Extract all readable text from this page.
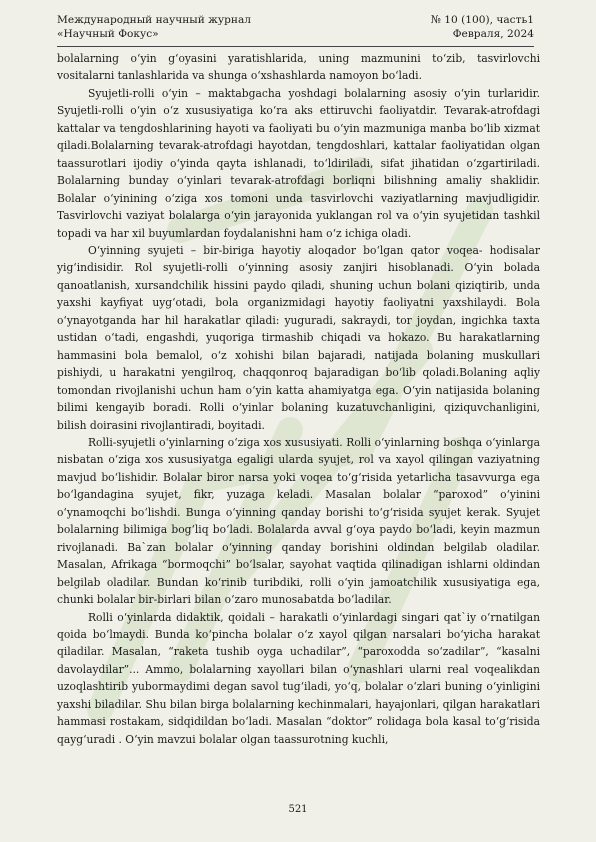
Международный научный журнал	№ 10 (100), часть1
«Научный Фокус»	Февраля, 2024

bolalarning o‘yin g‘oyasini yaratishlarida, uning mazmunini to‘zib, tasvirlovchi vositalarni tanlashlarida va shunga o‘xshashlarda namoyon bo‘ladi.

Syujetli-rolli o‘yin – maktabgacha yoshdagi bolalarning asosiy o‘yin turlaridir. Syujetli-rolli o‘yin o‘z xususiyatiga ko‘ra aks ettiruvchi faoliyatdir. Tevarak-atrofdagi kattalar va tengdoshlarining hayoti va faoliyati bu o‘yin mazmuniga manba bo‘lib xizmat qiladi.Bolalarning tevarak-atrofdagi hayotdan, tengdoshlari, kattalar faoliyatidan olgan taassurotlari ijodiy o‘yinda qayta ishlanadi, to‘ldiriladi, sifat jihatidan o‘zgartiriladi. Bolalarning bunday o‘yinlari tevarak-atrofdagi borliqni bilishning amaliy shaklidir. Bolalar o‘yinining o‘ziga xos tomoni unda tasvirlovchi vaziyatlarning mavjudligidir. Tasvirlovchi vaziyat bolalarga o‘yin jarayonida yuklangan rol va o‘yin syujetidan tashkil topadi va har xil buyumlardan foydalanishni ham o‘z ichiga oladi.

O‘yinning syujeti – bir-biriga hayotiy aloqador bo‘lgan qator voqea- hodisalar yig‘indisidir. Rol syujetli-rolli o‘yinning asosiy zanjiri hisoblanadi. O‘yin bolada qanoatlanish, xursandchilik hissini paydo qiladi, shuning uchun bolani qiziqtirib, unda yaxshi kayfiyat uyg‘otadi, bola organizmidagi hayotiy faoliyatni yaxshilaydi. Bola o‘ynayotganda har hil harakatlar qiladi: yuguradi, sakraydi, tor joydan, ingichka taxta ustidan o‘tadi, engashdi, yuqoriga tirmashib chiqadi va hokazo. Bu harakatlarning hammasini bola bemalol, o‘z xohishi bilan bajaradi, natijada bolaning muskullari pishiydi, u harakatni yengilroq, chaqqonroq bajaradigan bo‘lib qoladi.Bolaning aqliy tomondan rivojlanishi uchun ham o‘yin katta ahamiyatga ega. O‘yin natijasida bolaning bilimi kengayib boradi. Rolli o‘yinlar bolaning kuzatuvchanligini, qiziquvchanligini, bilish doirasini rivojlantiradi, boyitadi.

Rolli-syujetli o‘yinlarning o‘ziga xos xususiyati. Rolli o‘yinlarning boshqa o‘yinlarga nisbatan o‘ziga xos xususiyatga egaligi ularda syujet, rol va xayol qilingan vaziyatning mavjud bo‘lishidir. Bolalar biror narsa yoki voqea to‘g‘risida yetarlicha tasavvurga ega bo‘lgandagina syujet, fikr, yuzaga keladi. Masalan bolalar “paroxod” o‘yinini o‘ynamoqchi bo‘lishdi. Bunga o‘yinning qanday borishi to‘g‘risida syujet kerak. Syujet bolalarning bilimiga bog‘liq bo‘ladi. Bolalarda avval g‘oya paydo bo‘ladi, keyin mazmun rivojlanadi. Ba`zan bolalar o‘yinning qanday borishini oldindan belgilab oladilar. Masalan, Afrikaga “bormoqchi” bo‘lsalar, sayohat vaqtida qilinadigan ishlarni oldindan belgilab oladilar. Bundan ko‘rinib turibdiki, rolli o‘yin jamoatchilik xususiyatiga ega, chunki bolalar bir-birlari bilan o‘zaro munosabatda bo‘ladilar.

Rolli o‘yinlarda didaktik, qoidali – harakatli o‘yinlardagi singari qat`iy o‘rnatilgan qoida bo‘lmaydi. Bunda ko‘pincha bolalar o‘z xayol qilgan narsalari bo‘yicha harakat qiladilar. Masalan, “raketa tushib oyga uchadilar”, “paroxodda so‘zadilar”, “kasalni davolaydilar”... Ammo, bolalarning xayollari bilan o‘ynashlari ularni real voqealikdan uzoqlashtirib yubormaydimi degan savol tug‘iladi, yo‘q, bolalar o‘zlari buning o‘yinligini yaxshi biladilar. Shu bilan birga bolalarning kechinmalari, hayajonlari, qilgan harakatlari hammasi rostakam, sidqidildan bo‘ladi. Masalan “doktor” rolidaga bola kasal to‘g‘risida qayg‘uradi . O‘yin mavzui bolalar olgan taassurotning kuchli,

521
